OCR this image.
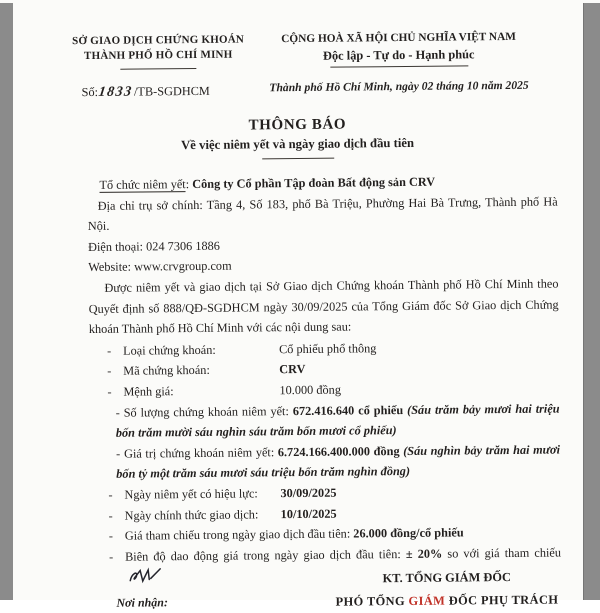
SỞ GIAO DỊCH CHỨNG KHOÁN
THÀNH PHỐ HỒ CHÍ MINH
Số:1833/TB-SGDHCM
CỘNG HOÀ XÃ HỘI CHỦ NGHĨA VIỆT NAM
Độc lập - Tự do - Hạnh phúc
Thành phố Hồ Chí Minh, ngày 02 tháng 10 năm 2025
THÔNG BÁO
Về việc niêm yết và ngày giao dịch đầu tiên
Tổ chức niêm yết: Công ty Cổ phần Tập đoàn Bất động sản CRV
Địa chỉ trụ sở chính: Tầng 4, Số 183, phố Bà Triệu, Phường Hai Bà Trưng, Thành phố Hà Nội.
Điện thoại: 024 7306 1886
Website: www.crvgroup.com
Được niêm yết và giao dịch tại Sở Giao dịch Chứng khoán Thành phố Hồ Chí Minh theo Quyết định số 888/QĐ-SGDHCM ngày 30/09/2025 của Tổng Giám đốc Sở Giao dịch Chứng khoán Thành phố Hồ Chí Minh với các nội dung sau:
- Loại chứng khoán:	Cổ phiếu phổ thông
- Mã chứng khoán:	CRV
- Mệnh giá:	10.000 đồng
- Số lượng chứng khoán niêm yết: 672.416.640 cổ phiếu (Sáu trăm bảy mươi hai triệu bốn trăm mười sáu nghìn sáu trăm bốn mươi cổ phiếu)
- Giá trị chứng khoán niêm yết: 6.724.166.400.000 đồng (Sáu nghìn bảy trăm hai mươi bốn tỷ một trăm sáu mươi sáu triệu bốn trăm nghìn đồng)
- Ngày niêm yết có hiệu lực: 30/09/2025
- Ngày chính thức giao dịch: 10/10/2025
- Giá tham chiếu trong ngày giao dịch đầu tiên: 26.000 đồng/cổ phiếu
- Biên độ dao động giá trong ngày giao dịch đầu tiên: ± 20% so với giá tham chiếu
KT. TỔNG GIÁM ĐỐC
PHÓ TỔNG GIÁM ĐỐC PHỤ TRÁCH
Nơi nhận:
